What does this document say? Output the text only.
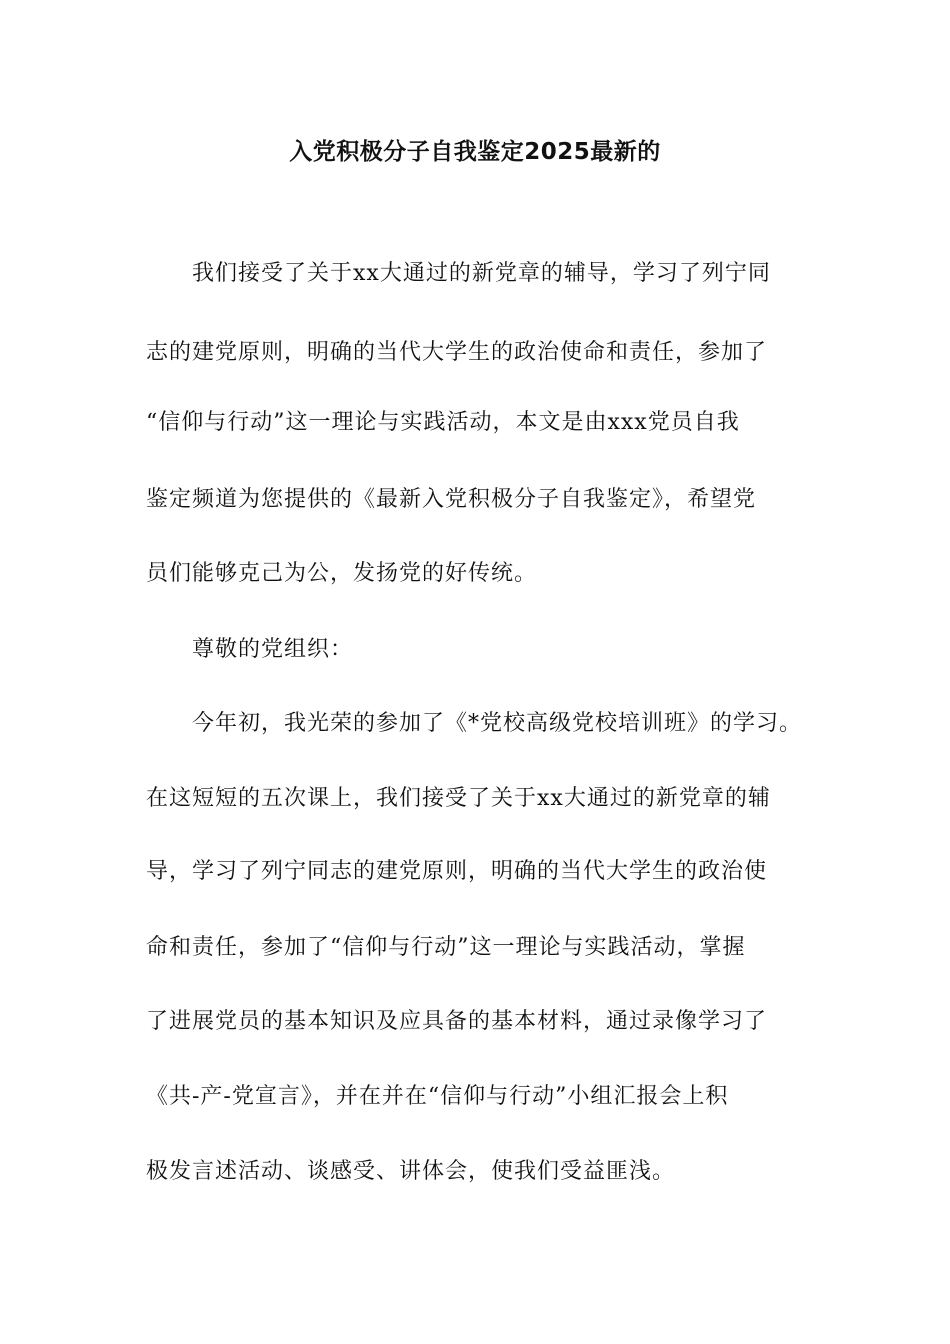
入党积极分子自我鉴定2025最新的
我们接受了关于xx大通过的新党章的辅导，学习了列宁同
志的建党原则，明确的当代大学生的政治使命和责任，参加了
“信仰与行动”这一理论与实践活动，本文是由xxx党员自我
鉴定频道为您提供的《最新入党积极分子自我鉴定》，希望党
员们能够克己为公，发扬党的好传统。
尊敬的党组织：
今年初，我光荣的参加了《*党校高级党校培训班》的学习。
在这短短的五次课上，我们接受了关于xx大通过的新党章的辅
导，学习了列宁同志的建党原则，明确的当代大学生的政治使
命和责任，参加了“信仰与行动”这一理论与实践活动，掌握
了进展党员的基本知识及应具备的基本材料，通过录像学习了
《共-产-党宣言》，并在并在“信仰与行动”小组汇报会上积
极发言述活动、谈感受、讲体会，使我们受益匪浅。
